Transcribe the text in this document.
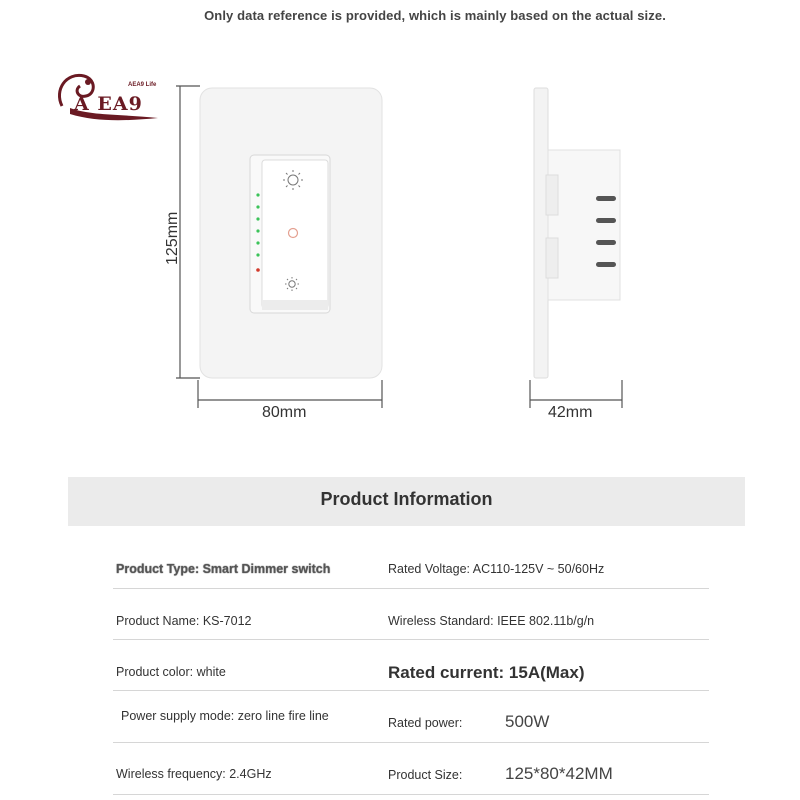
Only data reference is provided, which is mainly based on the actual size.
A EA9
AEA9 Life
125mm
80mm	42mm
Product Information
Product Type: Smart Dimmer switch	Rated Voltage: AC110-125V ~ 50/60Hz
Product Name: KS-7012	Wireless Standard: IEEE 802.11b/g/n
Product color: white	Rated current: 15A(Max)
Power supply mode: zero line fire line	Rated power:	500W
Wireless frequency: 2.4GHz	Product Size:	125*80*42MM
